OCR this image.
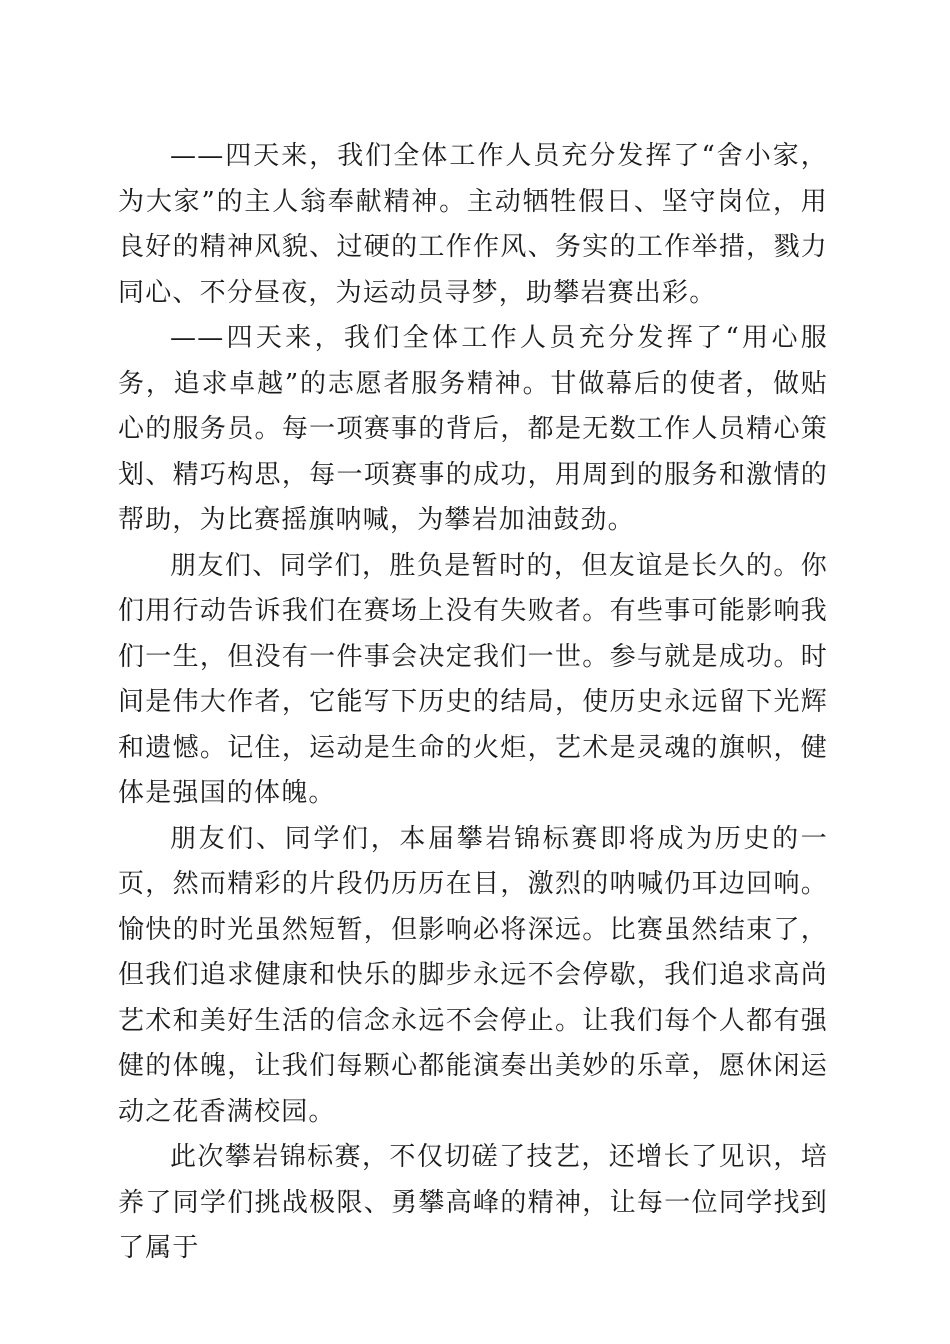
——四天来，我们全体工作人员充分发挥了“舍小家，为大家”的主人翁奉献精神。主动牺牲假日、坚守岗位，用良好的精神风貌、过硬的工作作风、务实的工作举措，戮力同心、不分昼夜，为运动员寻梦，助攀岩赛出彩。

——四天来，我们全体工作人员充分发挥了“用心服务，追求卓越”的志愿者服务精神。甘做幕后的使者，做贴心的服务员。每一项赛事的背后，都是无数工作人员精心策划、精巧构思，每一项赛事的成功，用周到的服务和激情的帮助，为比赛摇旗呐喊，为攀岩加油鼓劲。

朋友们、同学们，胜负是暂时的，但友谊是长久的。你们用行动告诉我们在赛场上没有失败者。有些事可能影响我们一生，但没有一件事会决定我们一世。参与就是成功。时间是伟大作者，它能写下历史的结局，使历史永远留下光辉和遗憾。记住，运动是生命的火炬，艺术是灵魂的旗帜，健体是强国的体魄。

朋友们、同学们，本届攀岩锦标赛即将成为历史的一页，然而精彩的片段仍历历在目，激烈的呐喊仍耳边回响。愉快的时光虽然短暂，但影响必将深远。比赛虽然结束了，但我们追求健康和快乐的脚步永远不会停歇，我们追求高尚艺术和美好生活的信念永远不会停止。让我们每个人都有强健的体魄，让我们每颗心都能演奏出美妙的乐章，愿休闲运动之花香满校园。

此次攀岩锦标赛，不仅切磋了技艺，还增长了见识，培养了同学们挑战极限、勇攀高峰的精神，让每一位同学找到了属于
